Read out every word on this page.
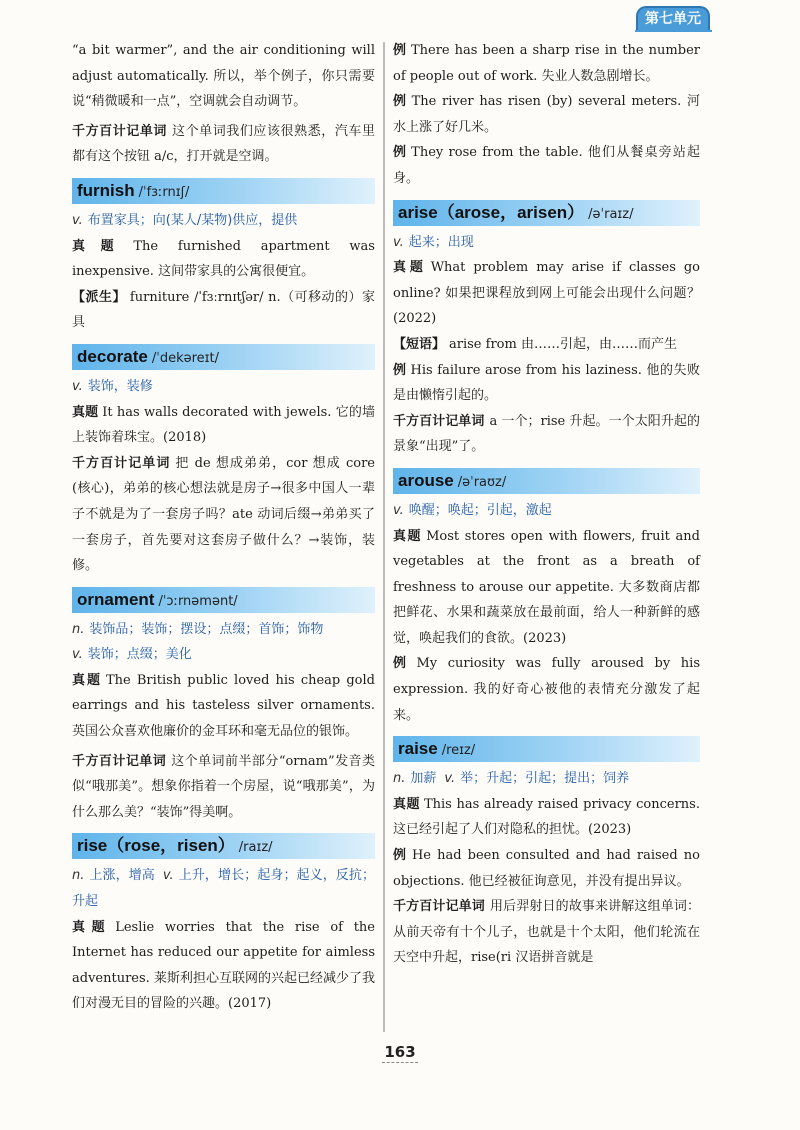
第七单元

“a bit warmer”, and the air conditioning will adjust automatically. 所以，举个例子，你只需要说“稍微暖和一点”，空调就会自动调节。

千方百计记单词 这个单词我们应该很熟悉，汽车里都有这个按钮 a/c，打开就是空调。

furnish /ˈfɜːrnɪʃ/

v. 布置家具；向(某人/某物)供应，提供

真题 The furnished apartment was inexpensive. 这间带家具的公寓很便宜。

【派生】 furniture /ˈfɜːrnɪtʃər/ n.（可移动的）家具

decorate /ˈdekəreɪt/

v. 装饰，装修

真题 It has walls decorated with jewels. 它的墙上装饰着珠宝。(2018)

千方百计记单词 把 de 想成弟弟，cor 想成 core (核心)，弟弟的核心想法就是房子→很多中国人一辈子不就是为了一套房子吗？ate 动词后缀→弟弟买了一套房子，首先要对这套房子做什么？→装饰，装修。

ornament /ˈɔːrnəmənt/

n. 装饰品；装饰；摆设；点缀；首饰；饰物

v. 装饰；点缀；美化

真题 The British public loved his cheap gold earrings and his tasteless silver ornaments. 英国公众喜欢他廉价的金耳环和毫无品位的银饰。

千方百计记单词 这个单词前半部分“ornam”发音类似“哦那美”。想象你指着一个房屋，说“哦那美”，为什么那么美？“装饰”得美啊。

rise（rose，risen） /raɪz/

n. 上涨，增高 v. 上升，增长；起身；起义，反抗；升起

真题 Leslie worries that the rise of the Internet has reduced our appetite for aimless adventures. 莱斯利担心互联网的兴起已经减少了我们对漫无目的冒险的兴趣。(2017)

例 There has been a sharp rise in the number of people out of work. 失业人数急剧增长。

例 The river has risen (by) several meters. 河水上涨了好几米。

例 They rose from the table. 他们从餐桌旁站起身。

arise（arose，arisen） /əˈraɪz/

v. 起来；出现

真题 What problem may arise if classes go online? 如果把课程放到网上可能会出现什么问题？(2022)

【短语】 arise from 由……引起，由……而产生

例 His failure arose from his laziness. 他的失败是由懒惰引起的。

千方百计记单词 a 一个；rise 升起。一个太阳升起的景象“出现”了。

arouse /əˈraʊz/

v. 唤醒；唤起；引起，激起

真题 Most stores open with flowers, fruit and vegetables at the front as a breath of freshness to arouse our appetite. 大多数商店都把鲜花、水果和蔬菜放在最前面，给人一种新鲜的感觉，唤起我们的食欲。(2023)

例 My curiosity was fully aroused by his expression. 我的好奇心被他的表情充分激发了起来。

raise /reɪz/

n. 加薪 v. 举；升起；引起；提出；饲养

真题 This has already raised privacy concerns. 这已经引起了人们对隐私的担忧。(2023)

例 He had been consulted and had raised no objections. 他已经被征询意见，并没有提出异议。

千方百计记单词 用后羿射日的故事来讲解这组单词：从前天帝有十个儿子，也就是十个太阳，他们轮流在天空中升起，rise(ri 汉语拼音就是

163
